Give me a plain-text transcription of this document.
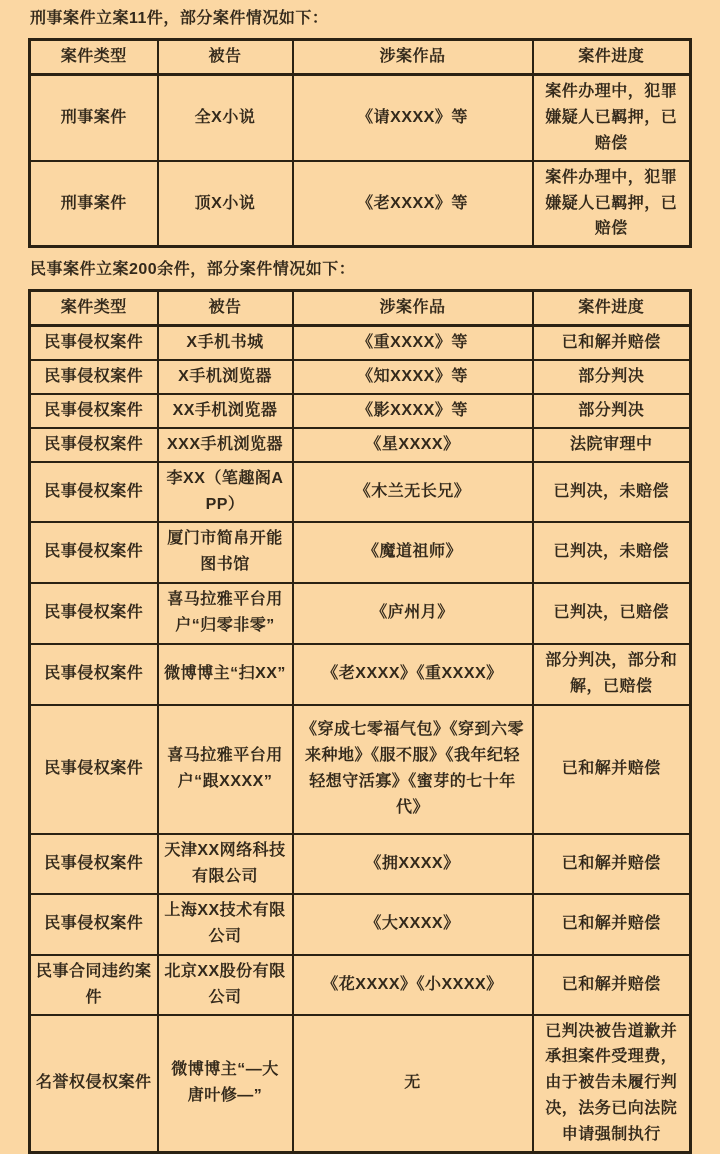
刑事案件立案11件，部分案件情况如下：

案件类型	被告	涉案作品	案件进度
刑事案件	全X小说	《请XXXX》等	案件办理中，犯罪嫌疑人已羁押，已赔偿
刑事案件	顶X小说	《老XXXX》等	案件办理中，犯罪嫌疑人已羁押，已赔偿

民事案件立案200余件，部分案件情况如下：

案件类型	被告	涉案作品	案件进度
民事侵权案件	X手机书城	《重XXXX》等	已和解并赔偿
民事侵权案件	X手机浏览器	《知XXXX》等	部分判决
民事侵权案件	XX手机浏览器	《影XXXX》等	部分判决
民事侵权案件	XXX手机浏览器	《星XXXX》	法院审理中
民事侵权案件	李XX（笔趣阁APP）	《木兰无长兄》	已判决，未赔偿
民事侵权案件	厦门市简帛开能图书馆	《魔道祖师》	已判决，未赔偿
民事侵权案件	喜马拉雅平台用户“归零非零”	《庐州月》	已判决，已赔偿
民事侵权案件	微博博主“扫XX”	《老XXXX》《重XXXX》	部分判决，部分和解，已赔偿
民事侵权案件	喜马拉雅平台用户“跟XXXX”	《穿成七零福气包》《穿到六零来种地》《服不服》《我年纪轻轻想守活寡》《蜜芽的七十年代》	已和解并赔偿
民事侵权案件	天津XX网络科技有限公司	《拥XXXX》	已和解并赔偿
民事侵权案件	上海XX技术有限公司	《大XXXX》	已和解并赔偿
民事合同违约案件	北京XX股份有限公司	《花XXXX》《小XXXX》	已和解并赔偿
名誉权侵权案件	微博博主“—大唐叶修—”	无	已判决被告道歉并承担案件受理费，由于被告未履行判决，法务已向法院申请强制执行
